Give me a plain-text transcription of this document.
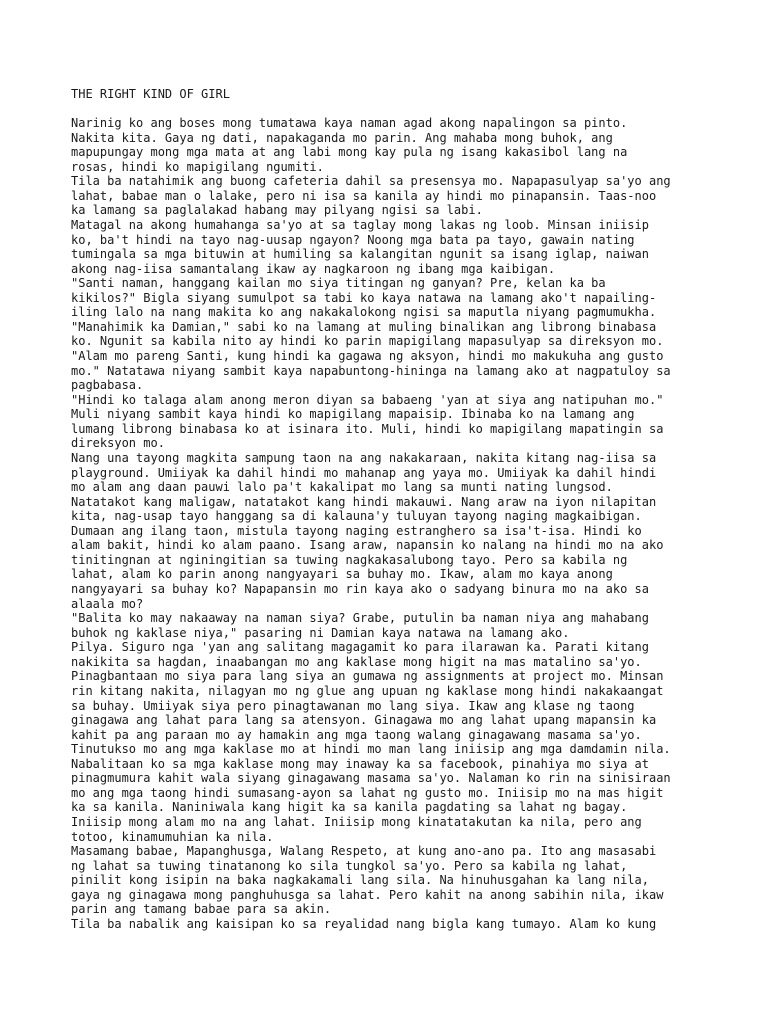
THE RIGHT KIND OF GIRL
Narinig ko ang boses mong tumatawa kaya naman agad akong napalingon sa pinto.
Nakita kita. Gaya ng dati, napakaganda mo parin. Ang mahaba mong buhok, ang
mapupungay mong mga mata at ang labi mong kay pula ng isang kakasibol lang na
rosas, hindi ko mapigilang ngumiti.
Tila ba natahimik ang buong cafeteria dahil sa presensya mo. Napapasulyap sa'yo ang
lahat, babae man o lalake, pero ni isa sa kanila ay hindi mo pinapansin. Taas-noo
ka lamang sa paglalakad habang may pilyang ngisi sa labi.
Matagal na akong humahanga sa'yo at sa taglay mong lakas ng loob. Minsan iniisip
ko, ba't hindi na tayo nag-uusap ngayon? Noong mga bata pa tayo, gawain nating
tumingala sa mga bituwin at humiling sa kalangitan ngunit sa isang iglap, naiwan
akong nag-iisa samantalang ikaw ay nagkaroon ng ibang mga kaibigan.
"Santi naman, hanggang kailan mo siya titingan ng ganyan? Pre, kelan ka ba
kikilos?" Bigla siyang sumulpot sa tabi ko kaya natawa na lamang ako't napailing-
iling lalo na nang makita ko ang nakakalokong ngisi sa maputla niyang pagmumukha.
"Manahimik ka Damian," sabi ko na lamang at muling binalikan ang librong binabasa
ko. Ngunit sa kabila nito ay hindi ko parin mapigilang mapasulyap sa direksyon mo.
"Alam mo pareng Santi, kung hindi ka gagawa ng aksyon, hindi mo makukuha ang gusto
mo." Natatawa niyang sambit kaya napabuntong-hininga na lamang ako at nagpatuloy sa
pagbabasa.
"Hindi ko talaga alam anong meron diyan sa babaeng 'yan at siya ang natipuhan mo."
Muli niyang sambit kaya hindi ko mapigilang mapaisip. Ibinaba ko na lamang ang
lumang librong binabasa ko at isinara ito. Muli, hindi ko mapigilang mapatingin sa
direksyon mo.
Nang una tayong magkita sampung taon na ang nakakaraan, nakita kitang nag-iisa sa
playground. Umiiyak ka dahil hindi mo mahanap ang yaya mo. Umiiyak ka dahil hindi
mo alam ang daan pauwi lalo pa't kakalipat mo lang sa munti nating lungsod.
Natatakot kang maligaw, natatakot kang hindi makauwi. Nang araw na iyon nilapitan
kita, nag-usap tayo hanggang sa di kalauna'y tuluyan tayong naging magkaibigan.
Dumaan ang ilang taon, mistula tayong naging estranghero sa isa't-isa. Hindi ko
alam bakit, hindi ko alam paano. Isang araw, napansin ko nalang na hindi mo na ako
tinitingnan at nginingitian sa tuwing nagkakasalubong tayo. Pero sa kabila ng
lahat, alam ko parin anong nangyayari sa buhay mo. Ikaw, alam mo kaya anong
nangyayari sa buhay ko? Napapansin mo rin kaya ako o sadyang binura mo na ako sa
alaala mo?
"Balita ko may nakaaway na naman siya? Grabe, putulin ba naman niya ang mahabang
buhok ng kaklase niya," pasaring ni Damian kaya natawa na lamang ako.
Pilya. Siguro nga 'yan ang salitang magagamit ko para ilarawan ka. Parati kitang
nakikita sa hagdan, inaabangan mo ang kaklase mong higit na mas matalino sa'yo.
Pinagbantaan mo siya para lang siya an gumawa ng assignments at project mo. Minsan
rin kitang nakita, nilagyan mo ng glue ang upuan ng kaklase mong hindi nakakaangat
sa buhay. Umiiyak siya pero pinagtawanan mo lang siya. Ikaw ang klase ng taong
ginagawa ang lahat para lang sa atensyon. Ginagawa mo ang lahat upang mapansin ka
kahit pa ang paraan mo ay hamakin ang mga taong walang ginagawang masama sa'yo.
Tinutukso mo ang mga kaklase mo at hindi mo man lang iniisip ang mga damdamin nila.
Nabalitaan ko sa mga kaklase mong may inaway ka sa facebook, pinahiya mo siya at
pinagmumura kahit wala siyang ginagawang masama sa'yo. Nalaman ko rin na sinisiraan
mo ang mga taong hindi sumasang-ayon sa lahat ng gusto mo. Iniisip mo na mas higit
ka sa kanila. Naniniwala kang higit ka sa kanila pagdating sa lahat ng bagay.
Iniisip mong alam mo na ang lahat. Iniisip mong kinatatakutan ka nila, pero ang
totoo, kinamumuhian ka nila.
Masamang babae, Mapanghusga, Walang Respeto, at kung ano-ano pa. Ito ang masasabi
ng lahat sa tuwing tinatanong ko sila tungkol sa'yo. Pero sa kabila ng lahat,
pinilit kong isipin na baka nagkakamali lang sila. Na hinuhusgahan ka lang nila,
gaya ng ginagawa mong panghuhusga sa lahat. Pero kahit na anong sabihin nila, ikaw
parin ang tamang babae para sa akin.
Tila ba nabalik ang kaisipan ko sa reyalidad nang bigla kang tumayo. Alam ko kung
